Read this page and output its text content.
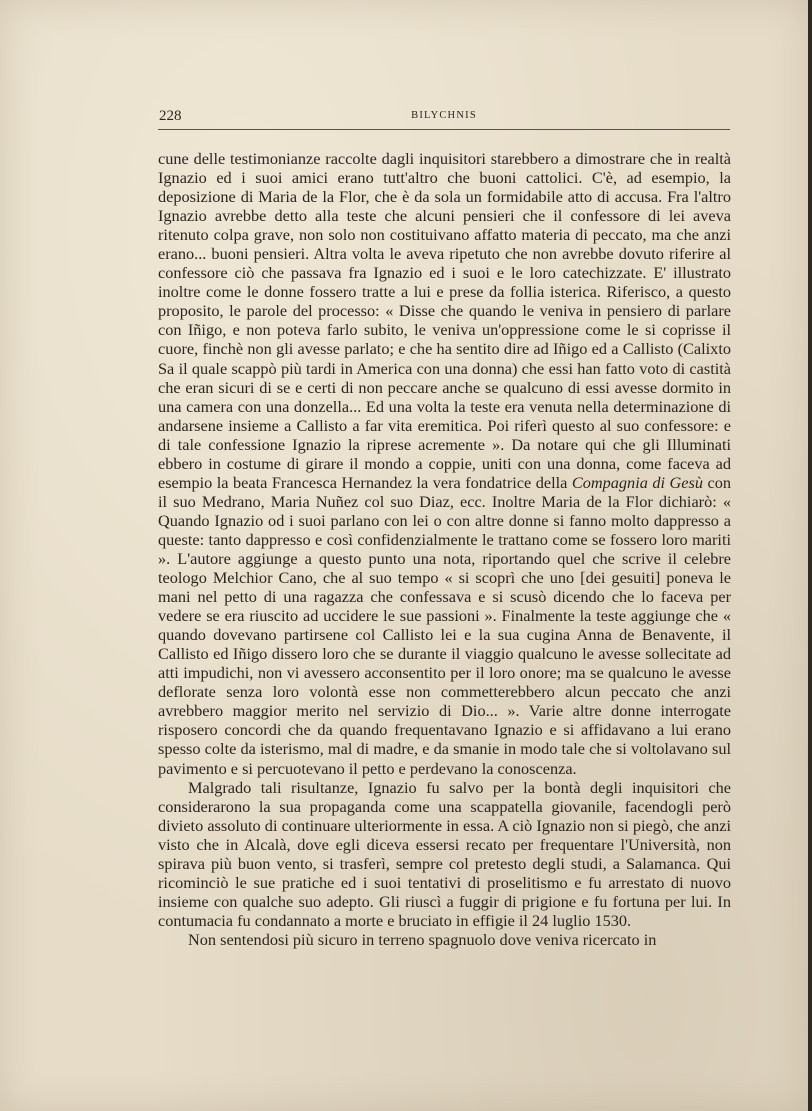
228	BILYCHNIS

cune delle testimonianze raccolte dagli inquisitori starebbero a dimostrare che in realtà Ignazio ed i suoi amici erano tutt'altro che buoni cattolici. C'è, ad esempio, la deposizione di Maria de la Flor, che è da sola un formidabile atto di accusa. Fra l'altro Ignazio avrebbe detto alla teste che alcuni pensieri che il confessore di lei aveva ritenuto colpa grave, non solo non costituivano affatto materia di peccato, ma che anzi erano... buoni pensieri. Altra volta le aveva ripetuto che non avrebbe dovuto riferire al confessore ciò che passava fra Ignazio ed i suoi e le loro catechizzate. E' illustrato inoltre come le donne fossero tratte a lui e prese da follia isterica. Riferisco, a questo proposito, le parole del processo: « Disse che quando le veniva in pensiero di parlare con Iñigo, e non poteva farlo subito, le veniva un'oppressione come le si coprisse il cuore, finchè non gli avesse parlato; e che ha sentito dire ad Iñigo ed a Callisto (Calixto Sa il quale scappò più tardi in America con una donna) che essi han fatto voto di castità che eran sicuri di se e certi di non peccare anche se qualcuno di essi avesse dormito in una camera con una donzella... Ed una volta la teste era venuta nella determinazione di andarsene insieme a Callisto a far vita eremitica. Poi riferì questo al suo confessore: e di tale confessione Ignazio la riprese acremente ». Da notare qui che gli Illuminati ebbero in costume di girare il mondo a coppie, uniti con una donna, come faceva ad esempio la beata Francesca Hernandez la vera fondatrice della Compagnia di Gesù con il suo Medrano, Maria Nuñez col suo Diaz, ecc. Inoltre Maria de la Flor dichiarò: « Quando Ignazio od i suoi parlano con lei o con altre donne si fanno molto dappresso a queste: tanto dappresso e così confidenzialmente le trattano come se fossero loro mariti ». L'autore aggiunge a questo punto una nota, riportando quel che scrive il celebre teologo Melchior Cano, che al suo tempo « si scoprì che uno [dei gesuiti] poneva le mani nel petto di una ragazza che confessava e si scusò dicendo che lo faceva per vedere se era riuscito ad uccidere le sue passioni ». Finalmente la teste aggiunge che « quando dovevano partirsene col Callisto lei e la sua cugina Anna de Benavente, il Callisto ed Iñigo dissero loro che se durante il viaggio qualcuno le avesse sollecitate ad atti impudichi, non vi avessero acconsentito per il loro onore; ma se qualcuno le avesse deflorate senza loro volontà esse non commetterebbero alcun peccato che anzi avrebbero maggior merito nel servizio di Dio... ». Varie altre donne interrogate risposero concordi che da quando frequentavano Ignazio e si affidavano a lui erano spesso colte da isterismo, mal di madre, e da smanie in modo tale che si voltolavano sul pavimento e si percuotevano il petto e perdevano la conoscenza.

Malgrado tali risultanze, Ignazio fu salvo per la bontà degli inquisitori che considerarono la sua propaganda come una scappatella giovanile, facendogli però divieto assoluto di continuare ulteriormente in essa. A ciò Ignazio non si piegò, che anzi visto che in Alcalà, dove egli diceva essersi recato per frequentare l'Università, non spirava più buon vento, si trasferì, sempre col pretesto degli studi, a Salamanca. Qui ricominciò le sue pratiche ed i suoi tentativi di proselitismo e fu arrestato di nuovo insieme con qualche suo adepto. Gli riuscì a fuggir di prigione e fu fortuna per lui. In contumacia fu condannato a morte e bruciato in effigie il 24 luglio 1530.

Non sentendosi più sicuro in terreno spagnuolo dove veniva ricercato in
